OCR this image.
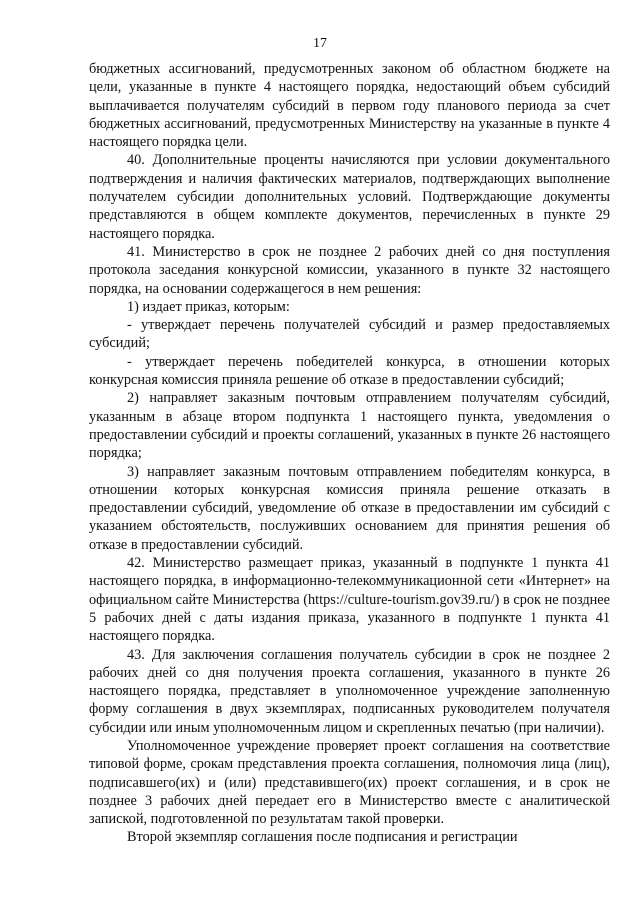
17

бюджетных ассигнований, предусмотренных законом об областном бюджете на цели, указанные в пункте 4 настоящего порядка, недостающий объем субсидий выплачивается получателям субсидий в первом году планового периода за счет бюджетных ассигнований, предусмотренных Министерству на указанные в пункте 4 настоящего порядка цели.

40. Дополнительные проценты начисляются при условии документального подтверждения и наличия фактических материалов, подтверждающих выполнение получателем субсидии дополнительных условий. Подтверждающие документы представляются в общем комплекте документов, перечисленных в пункте 29 настоящего порядка.

41. Министерство в срок не позднее 2 рабочих дней со дня поступления протокола заседания конкурсной комиссии, указанного в пункте 32 настоящего порядка, на основании содержащегося в нем решения:

1) издает приказ, которым:

- утверждает перечень получателей субсидий и размер предоставляемых субсидий;

- утверждает перечень победителей конкурса, в отношении которых конкурсная комиссия приняла решение об отказе в предоставлении субсидий;

2) направляет заказным почтовым отправлением получателям субсидий, указанным в абзаце втором подпункта 1 настоящего пункта, уведомления о предоставлении субсидий и проекты соглашений, указанных в пункте 26 настоящего порядка;

3) направляет заказным почтовым отправлением победителям конкурса, в отношении которых конкурсная комиссия приняла решение отказать в предоставлении субсидий, уведомление об отказе в предоставлении им субсидий с указанием обстоятельств, послуживших основанием для принятия решения об отказе в предоставлении субсидий.

42. Министерство размещает приказ, указанный в подпункте 1 пункта 41 настоящего порядка, в информационно-телекоммуникационной сети «Интернет» на официальном сайте Министерства (https://culture-tourism.gov39.ru/) в срок не позднее 5 рабочих дней с даты издания приказа, указанного в подпункте 1 пункта 41 настоящего порядка.

43. Для заключения соглашения получатель субсидии в срок не позднее 2 рабочих дней со дня получения проекта соглашения, указанного в пункте 26 настоящего порядка, представляет в уполномоченное учреждение заполненную форму соглашения в двух экземплярах, подписанных руководителем получателя субсидии или иным уполномоченным лицом и скрепленных печатью (при наличии).

Уполномоченное учреждение проверяет проект соглашения на соответствие типовой форме, срокам представления проекта соглашения, полномочия лица (лиц), подписавшего(их) и (или) представившего(их) проект соглашения, и в срок не позднее 3 рабочих дней передает его в Министерство вместе с аналитической запиской, подготовленной по результатам такой проверки.

Второй экземпляр соглашения после подписания и регистрации
